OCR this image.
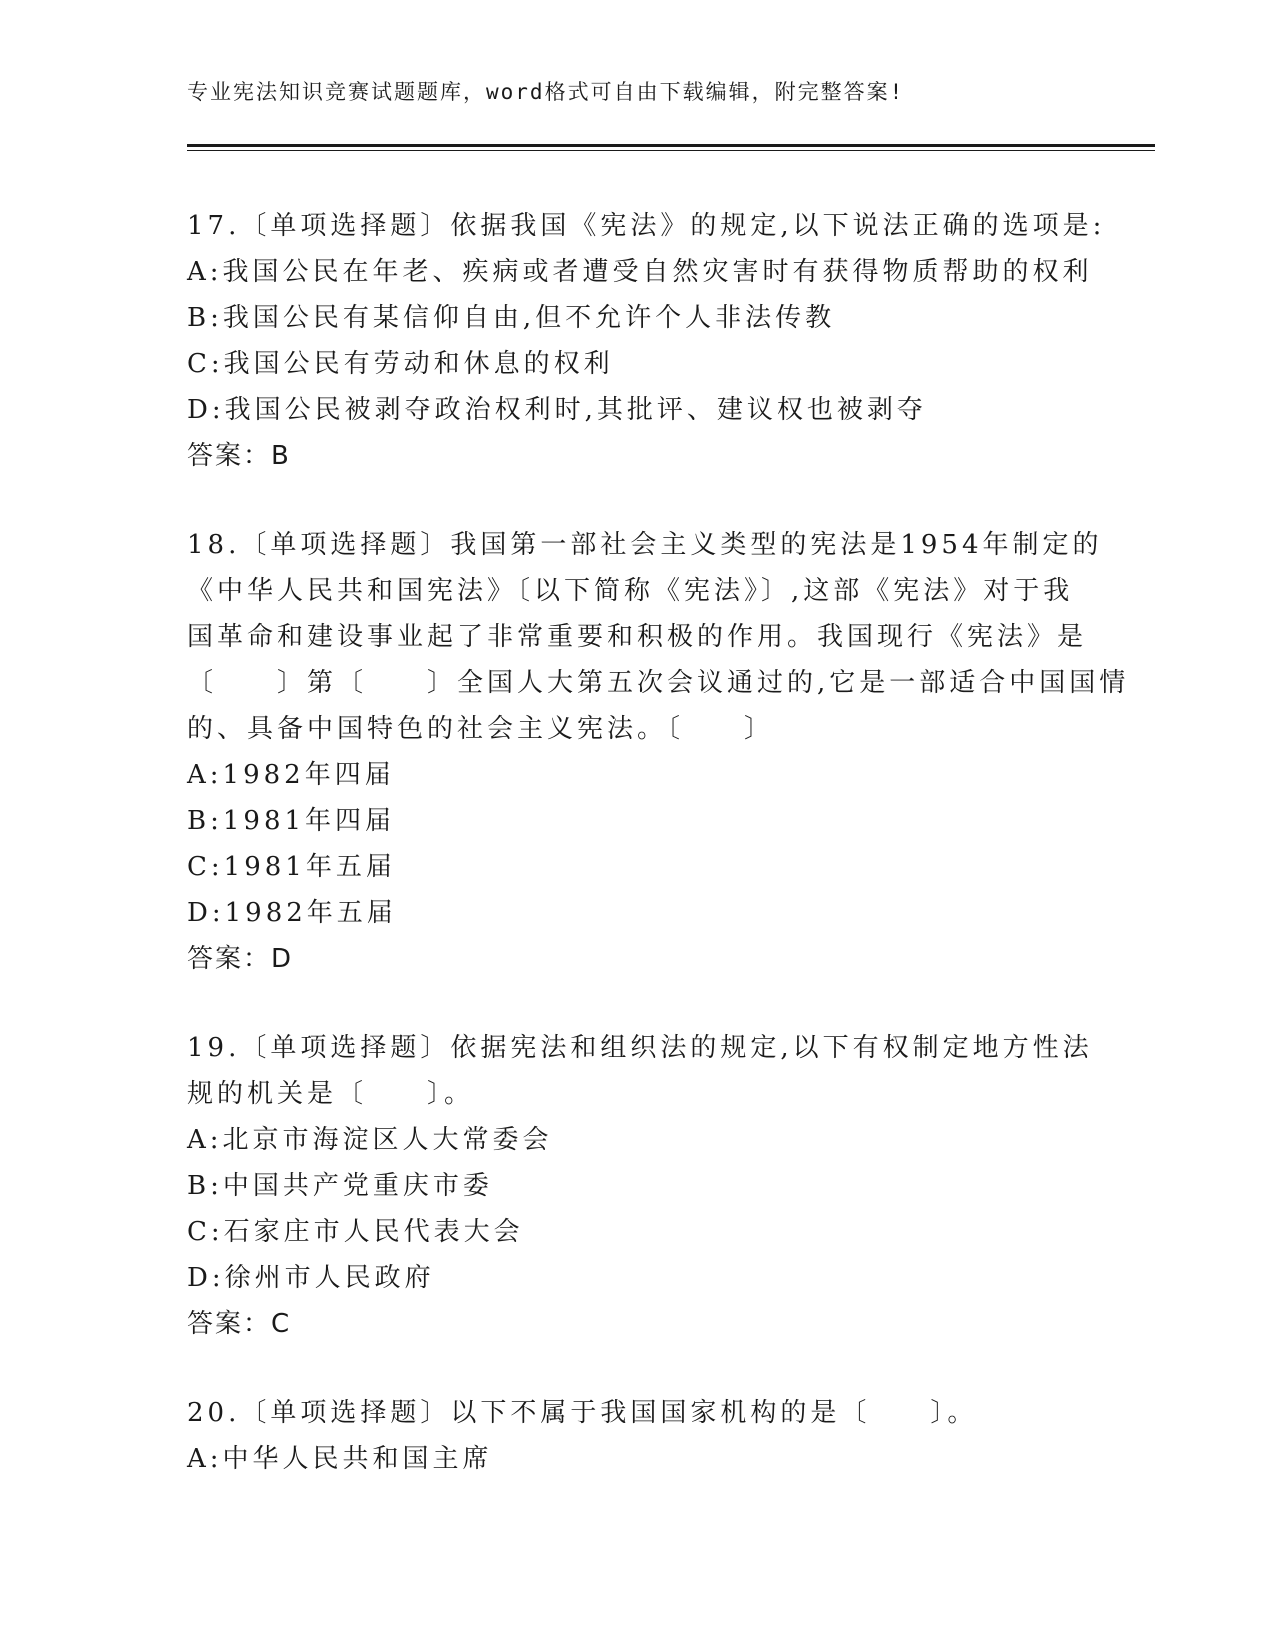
专业宪法知识竞赛试题题库，word格式可自由下载编辑，附完整答案!
17.〔单项选择题〕依据我国《宪法》的规定,以下说法正确的选项是:
A:我国公民在年老、疾病或者遭受自然灾害时有获得物质帮助的权利
B:我国公民有某信仰自由,但不允许个人非法传教
C:我国公民有劳动和休息的权利
D:我国公民被剥夺政治权利时,其批评、建议权也被剥夺
答案：B
18.〔单项选择题〕我国第一部社会主义类型的宪法是1954年制定的
《中华人民共和国宪法》〔以下简称《宪法》〕,这部《宪法》对于我
国革命和建设事业起了非常重要和积极的作用。我国现行《宪法》是
〔　　〕第〔　　〕全国人大第五次会议通过的,它是一部适合中国国情
的、具备中国特色的社会主义宪法。〔　　〕
A:1982年四届
B:1981年四届
C:1981年五届
D:1982年五届
答案：D
19.〔单项选择题〕依据宪法和组织法的规定,以下有权制定地方性法
规的机关是〔　　〕。
A:北京市海淀区人大常委会
B:中国共产党重庆市委
C:石家庄市人民代表大会
D:徐州市人民政府
答案：C
20.〔单项选择题〕以下不属于我国国家机构的是〔　　〕。
A:中华人民共和国主席
